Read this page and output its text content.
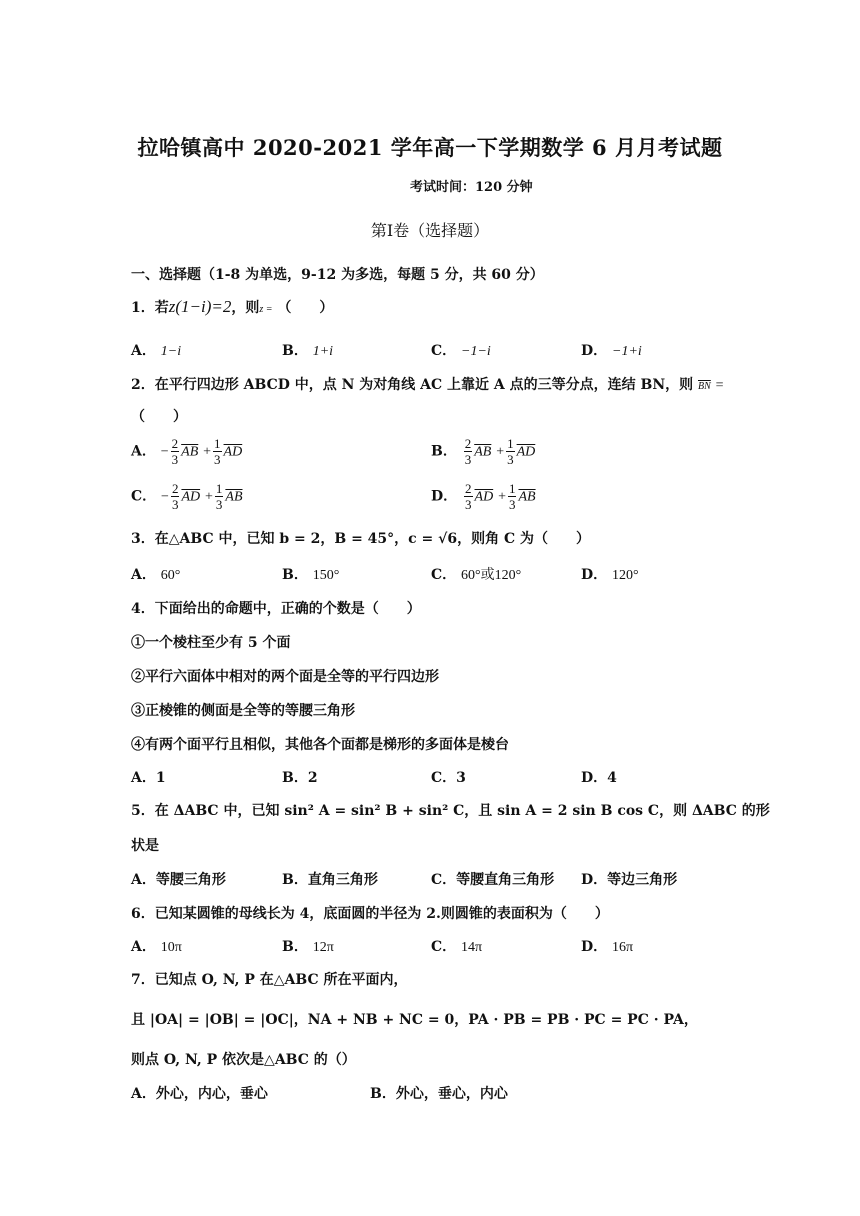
拉哈镇高中 2020-2021 学年高一下学期数学 6 月月考试题
考试时间：120 分钟
第Ⅰ卷（选择题）
一、选择题（1-8 为单选，9-12 为多选，每题 5 分，共 60 分）
1．若z(1−i)=2，则z = （　　）
A． 1−i	B． 1+i	C． −1−i	D． −1+i
2．在平行四边形 ABCD 中，点 N 为对角线 AC 上靠近 A 点的三等分点，连结 BN，则 $\overline{BN}$ =
（　　）
A． − $\frac{2}{3} \overline{AB} + \frac{1}{3} \overline{AD}$	B． $\frac{2}{3} \overline{AB} + \frac{1}{3} \overline{AD}$
C． − $\frac{2}{3} \overline{AD} + \frac{1}{3} \overline{AB}$	D． $\frac{2}{3} \overline{AD} + \frac{1}{3} \overline{AB}$
3．在△ABC 中，已知 b = 2，B = 45°，c = √6，则角 C 为（　　）
A． 60°	B． 150°	C． 60°或120°	D． 120°
4．下面给出的命题中，正确的个数是（　　）
①一个棱柱至少有 5 个面
②平行六面体中相对的两个面是全等的平行四边形
③正棱锥的侧面是全等的等腰三角形
④有两个面平行且相似，其他各个面都是梯形的多面体是棱台
A．1	B．2	C．3	D．4
5．在 ΔABC 中，已知 sin² A = sin² B + sin² C，且 sin A = 2 sin B cos C，则 ΔABC 的形
状是
A．等腰三角形	B．直角三角形	C．等腰直角三角形 D．等边三角形
6．已知某圆锥的母线长为 4，底面圆的半径为 2.则圆锥的表面积为（　　）
A． 10π	B． 12π	C． 14π	D． 16π
7．已知点 O, N, P 在△ABC 所在平面内，
且 |OA| = |OB| = |OC|，NA + NB + NC = 0，PA · PB = PB · PC = PC · PA，
则点 O, N, P 依次是△ABC 的（）
A．外心，内心，垂心	B．外心，垂心，内心
